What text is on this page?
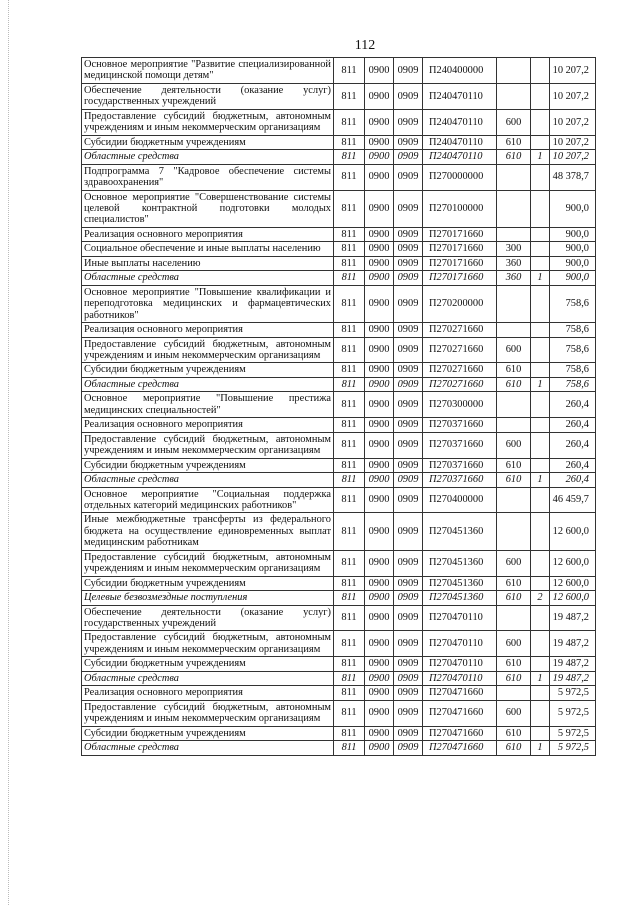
112
Основное мероприятие "Развитие специализированной медицинской помощи детям"	811	0900	0909	П240400000			10 207,2
Обеспечение деятельности (оказание услуг) государственных учреждений	811	0900	0909	П240470110			10 207,2
Предоставление субсидий бюджетным, автономным учреждениям и иным некоммерческим организациям	811	0900	0909	П240470110	600		10 207,2
Субсидии бюджетным учреждениям	811	0900	0909	П240470110	610		10 207,2
Областные средства	811	0900	0909	П240470110	610	1	10 207,2
Подпрограмма 7 "Кадровое обеспечение системы здравоохранения"	811	0900	0909	П270000000			48 378,7
Основное мероприятие "Совершенствование системы целевой контрактной подготовки молодых специалистов"	811	0900	0909	П270100000			900,0
Реализация основного мероприятия	811	0900	0909	П270171660			900,0
Социальное обеспечение и иные выплаты населению	811	0900	0909	П270171660	300		900,0
Иные выплаты населению	811	0900	0909	П270171660	360		900,0
Областные средства	811	0900	0909	П270171660	360	1	900,0
Основное мероприятие "Повышение квалификации и переподготовка медицинских и фармацевтических работников"	811	0900	0909	П270200000			758,6
Реализация основного мероприятия	811	0900	0909	П270271660			758,6
Предоставление субсидий бюджетным, автономным учреждениям и иным некоммерческим организациям	811	0900	0909	П270271660	600		758,6
Субсидии бюджетным учреждениям	811	0900	0909	П270271660	610		758,6
Областные средства	811	0900	0909	П270271660	610	1	758,6
Основное мероприятие "Повышение престижа медицинских специальностей"	811	0900	0909	П270300000			260,4
Реализация основного мероприятия	811	0900	0909	П270371660			260,4
Предоставление субсидий бюджетным, автономным учреждениям и иным некоммерческим организациям	811	0900	0909	П270371660	600		260,4
Субсидии бюджетным учреждениям	811	0900	0909	П270371660	610		260,4
Областные средства	811	0900	0909	П270371660	610	1	260,4
Основное мероприятие "Социальная поддержка отдельных категорий медицинских работников"	811	0900	0909	П270400000			46 459,7
Иные межбюджетные трансферты из федерального бюджета на осуществление единовременных выплат медицинским работникам	811	0900	0909	П270451360			12 600,0
Предоставление субсидий бюджетным, автономным учреждениям и иным некоммерческим организациям	811	0900	0909	П270451360	600		12 600,0
Субсидии бюджетным учреждениям	811	0900	0909	П270451360	610		12 600,0
Целевые безвозмездные поступления	811	0900	0909	П270451360	610	2	12 600,0
Обеспечение деятельности (оказание услуг) государственных учреждений	811	0900	0909	П270470110			19 487,2
Предоставление субсидий бюджетным, автономным учреждениям и иным некоммерческим организациям	811	0900	0909	П270470110	600		19 487,2
Субсидии бюджетным учреждениям	811	0900	0909	П270470110	610		19 487,2
Областные средства	811	0900	0909	П270470110	610	1	19 487,2
Реализация основного мероприятия	811	0900	0909	П270471660			5 972,5
Предоставление субсидий бюджетным, автономным учреждениям и иным некоммерческим организациям	811	0900	0909	П270471660	600		5 972,5
Субсидии бюджетным учреждениям	811	0900	0909	П270471660	610		5 972,5
Областные средства	811	0900	0909	П270471660	610	1	5 972,5
